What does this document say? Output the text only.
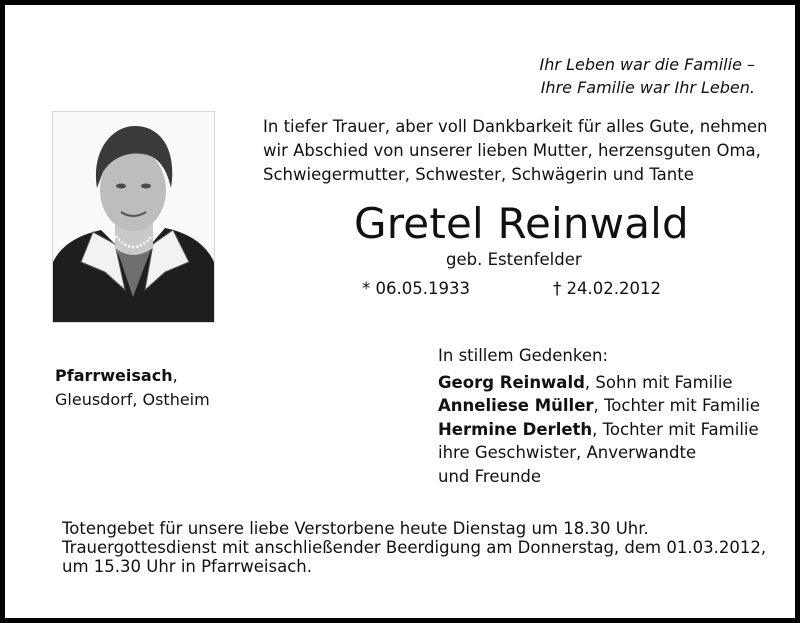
Ihr Leben war die Familie –
Ihre Familie war Ihr Leben.
In tiefer Trauer, aber voll Dankbarkeit für alles Gute, nehmen
wir Abschied von unserer lieben Mutter, herzensguten Oma,
Schwiegermutter, Schwester, Schwägerin und Tante
Gretel Reinwald
geb. Estenfelder
* 06.05.1933	† 24.02.2012
Pfarrweisach,
Gleusdorf, Ostheim
In stillem Gedenken:
Georg Reinwald, Sohn mit Familie
Anneliese Müller, Tochter mit Familie
Hermine Derleth, Tochter mit Familie
ihre Geschwister, Anverwandte
und Freunde
Totengebet für unsere liebe Verstorbene heute Dienstag um 18.30 Uhr.
Trauergottesdienst mit anschließender Beerdigung am Donnerstag, dem 01.03.2012,
um 15.30 Uhr in Pfarrweisach.
